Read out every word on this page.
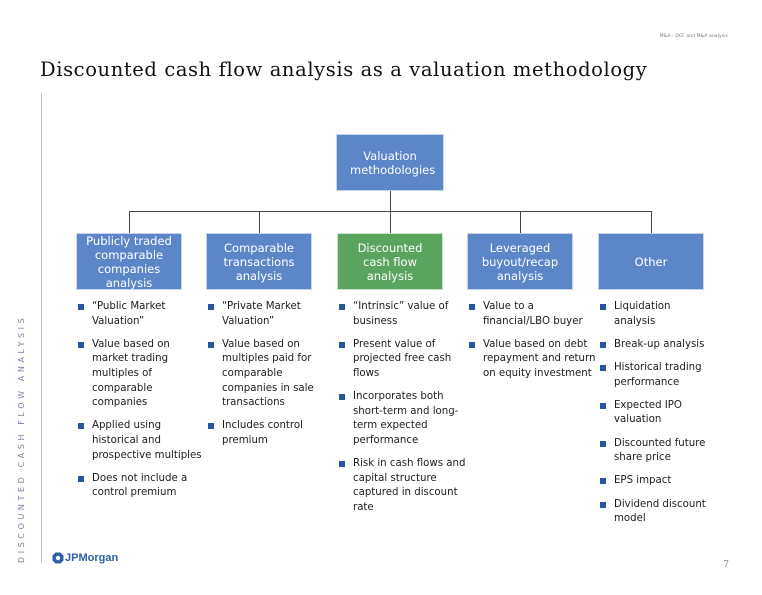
M&A - DCF and M&A analysis
Discounted cash flow analysis as a valuation methodology
DISCOUNTED CASH FLOW ANALYSIS
Valuation methodologies
Publicly traded comparable companies analysis
Comparable transactions analysis
Discounted cash flow analysis
Leveraged buyout/recap analysis
Other
“Public Market Valuation”
Value based on market trading multiples of comparable companies
Applied using historical and prospective multiples
Does not include a control premium
“Private Market Valuation”
Value based on multiples paid for comparable companies in sale transactions
Includes control premium
“Intrinsic” value of business
Present value of projected free cash flows
Incorporates both short-term and long-term expected performance
Risk in cash flows and capital structure captured in discount rate
Value to a financial/LBO buyer
Value based on debt repayment and return on equity investment
Liquidation analysis
Break-up analysis
Historical trading performance
Expected IPO valuation
Discounted future share price
EPS impact
Dividend discount model
JPMorgan
7
